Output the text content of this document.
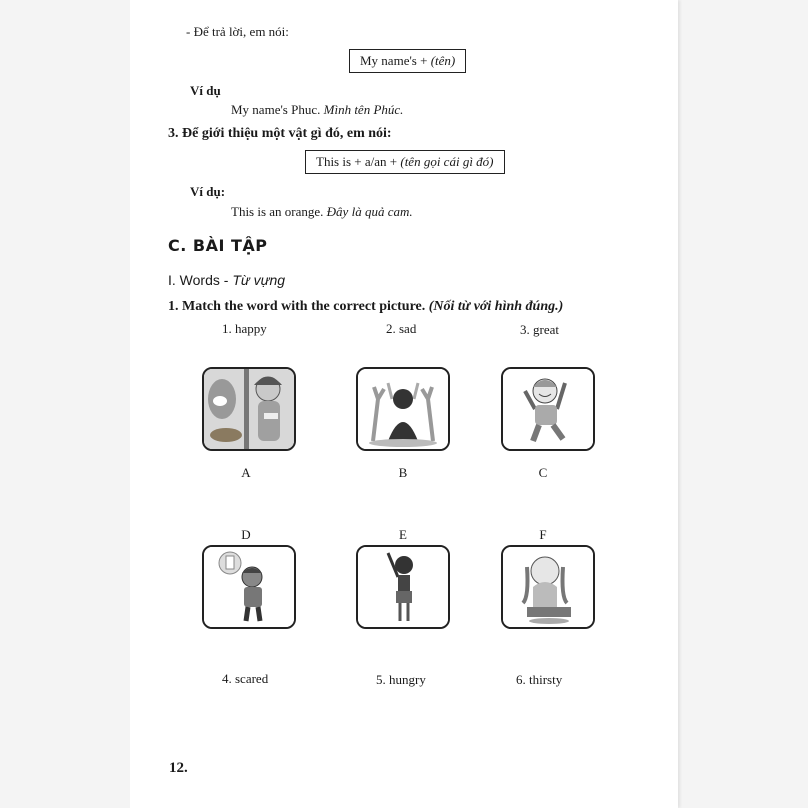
- Để trả lời, em nói:
My name's + (tên)
Ví dụ
My name's Phuc. Mình tên Phúc.
3. Để giới thiệu một vật gì đó, em nói:
This is + a/an + (tên gọi cái gì đó)
Ví dụ:
This is an orange. Đây là quả cam.
C. BÀI TẬP
I. Words - Từ vựng
1. Match the word with the correct picture. (Nối từ với hình đúng.)
1. happy	2. sad	3. great
A	B	C
D	E	F
4. scared	5. hungry	6. thirsty
12.
